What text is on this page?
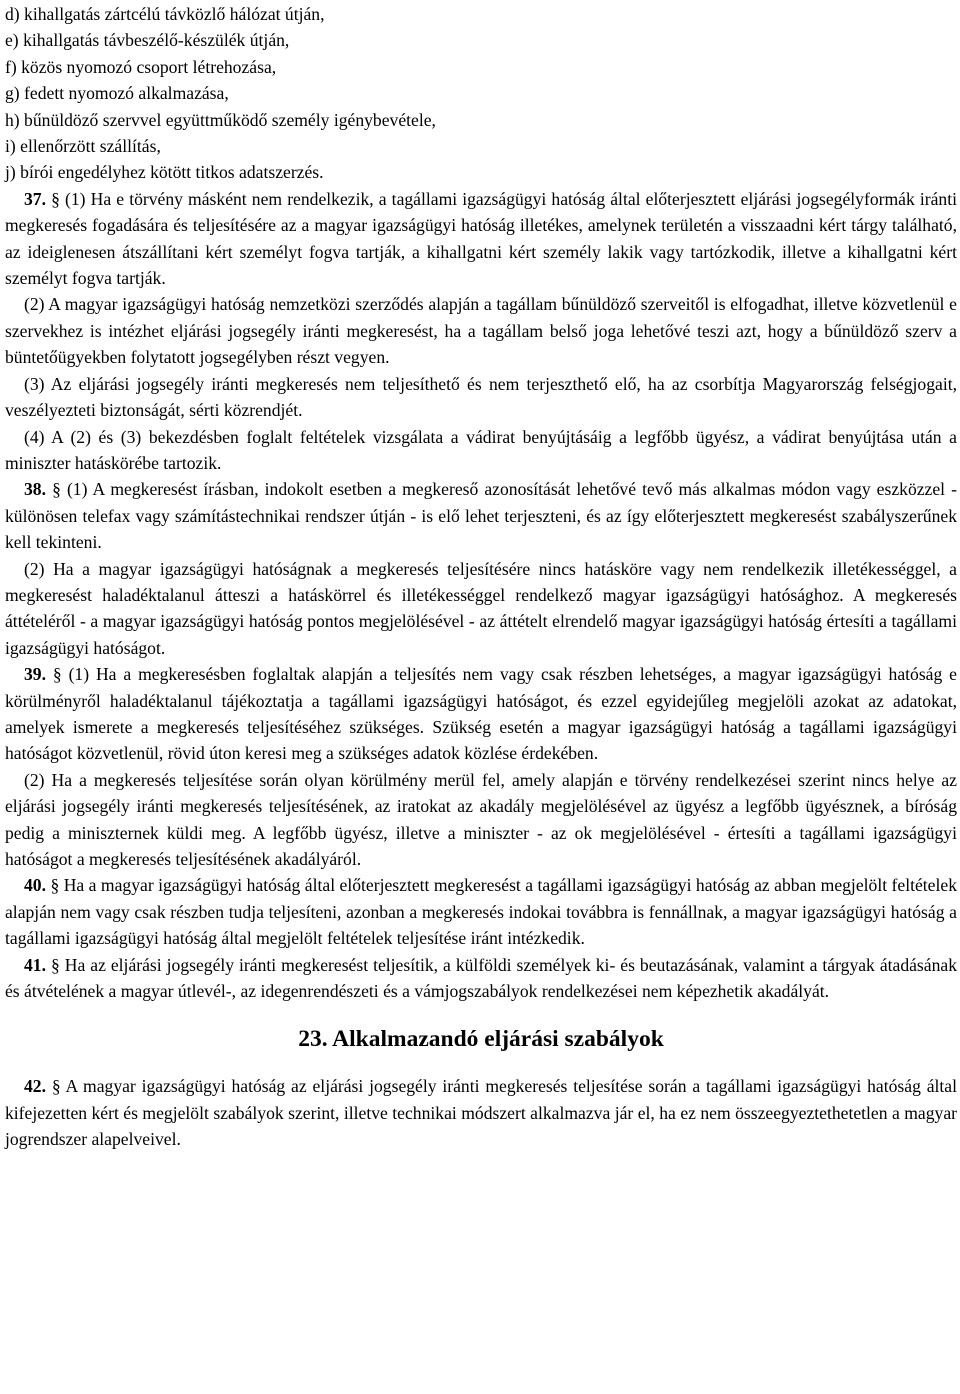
d) kihallgatás zártcélú távközlő hálózat útján,
e) kihallgatás távbeszélő-készülék útján,
f) közös nyomozó csoport létrehozása,
g) fedett nyomozó alkalmazása,
h) bűnüldöző szervvel együttműködő személy igénybevétele,
i) ellenőrzött szállítás,
j) bírói engedélyhez kötött titkos adatszerzés.

37. § (1) Ha e törvény másként nem rendelkezik, a tagállami igazságügyi hatóság által előterjesztett eljárási jogsegélyformák iránti megkeresés fogadására és teljesítésére az a magyar igazságügyi hatóság illetékes, amelynek területén a visszaadni kért tárgy található, az ideiglenesen átszállítani kért személyt fogva tartják, a kihallgatni kért személy lakik vagy tartózkodik, illetve a kihallgatni kért személyt fogva tartják.

(2) A magyar igazságügyi hatóság nemzetközi szerződés alapján a tagállam bűnüldöző szerveitől is elfogadhat, illetve közvetlenül e szervekhez is intézhet eljárási jogsegély iránti megkeresést, ha a tagállam belső joga lehetővé teszi azt, hogy a bűnüldöző szerv a büntetőügyekben folytatott jogsegélyben részt vegyen.

(3) Az eljárási jogsegély iránti megkeresés nem teljesíthető és nem terjeszthető elő, ha az csorbítja Magyarország felségjogait, veszélyezteti biztonságát, sérti közrendjét.

(4) A (2) és (3) bekezdésben foglalt feltételek vizsgálata a vádirat benyújtásáig a legfőbb ügyész, a vádirat benyújtása után a miniszter hatáskörébe tartozik.

38. § (1) A megkeresést írásban, indokolt esetben a megkereső azonosítását lehetővé tevő más alkalmas módon vagy eszközzel - különösen telefax vagy számítástechnikai rendszer útján - is elő lehet terjeszteni, és az így előterjesztett megkeresést szabályszerűnek kell tekinteni.

(2) Ha a magyar igazságügyi hatóságnak a megkeresés teljesítésére nincs hatásköre vagy nem rendelkezik illetékességgel, a megkeresést haladéktalanul átteszi a hatáskörrel és illetékességgel rendelkező magyar igazságügyi hatósághoz. A megkeresés áttételéről - a magyar igazságügyi hatóság pontos megjelölésével - az áttételt elrendelő magyar igazságügyi hatóság értesíti a tagállami igazságügyi hatóságot.

39. § (1) Ha a megkeresésben foglaltak alapján a teljesítés nem vagy csak részben lehetséges, a magyar igazságügyi hatóság e körülményről haladéktalanul tájékoztatja a tagállami igazságügyi hatóságot, és ezzel egyidejűleg megjelöli azokat az adatokat, amelyek ismerete a megkeresés teljesítéséhez szükséges. Szükség esetén a magyar igazságügyi hatóság a tagállami igazságügyi hatóságot közvetlenül, rövid úton keresi meg a szükséges adatok közlése érdekében.

(2) Ha a megkeresés teljesítése során olyan körülmény merül fel, amely alapján e törvény rendelkezései szerint nincs helye az eljárási jogsegély iránti megkeresés teljesítésének, az iratokat az akadály megjelölésével az ügyész a legfőbb ügyésznek, a bíróság pedig a miniszternek küldi meg. A legfőbb ügyész, illetve a miniszter - az ok megjelölésével - értesíti a tagállami igazságügyi hatóságot a megkeresés teljesítésének akadályáról.

40. § Ha a magyar igazságügyi hatóság által előterjesztett megkeresést a tagállami igazságügyi hatóság az abban megjelölt feltételek alapján nem vagy csak részben tudja teljesíteni, azonban a megkeresés indokai továbbra is fennállnak, a magyar igazságügyi hatóság a tagállami igazságügyi hatóság által megjelölt feltételek teljesítése iránt intézkedik.

41. § Ha az eljárási jogsegély iránti megkeresést teljesítik, a külföldi személyek ki- és beutazásának, valamint a tárgyak átadásának és átvételének a magyar útlevél-, az idegenrendészeti és a vámjogszabályok rendelkezései nem képezhetik akadályát.

23. Alkalmazandó eljárási szabályok

42. § A magyar igazságügyi hatóság az eljárási jogsegély iránti megkeresés teljesítése során a tagállami igazságügyi hatóság által kifejezetten kért és megjelölt szabályok szerint, illetve technikai módszert alkalmazva jár el, ha ez nem összeegyeztethetetlen a magyar jogrendszer alapelveivel.
